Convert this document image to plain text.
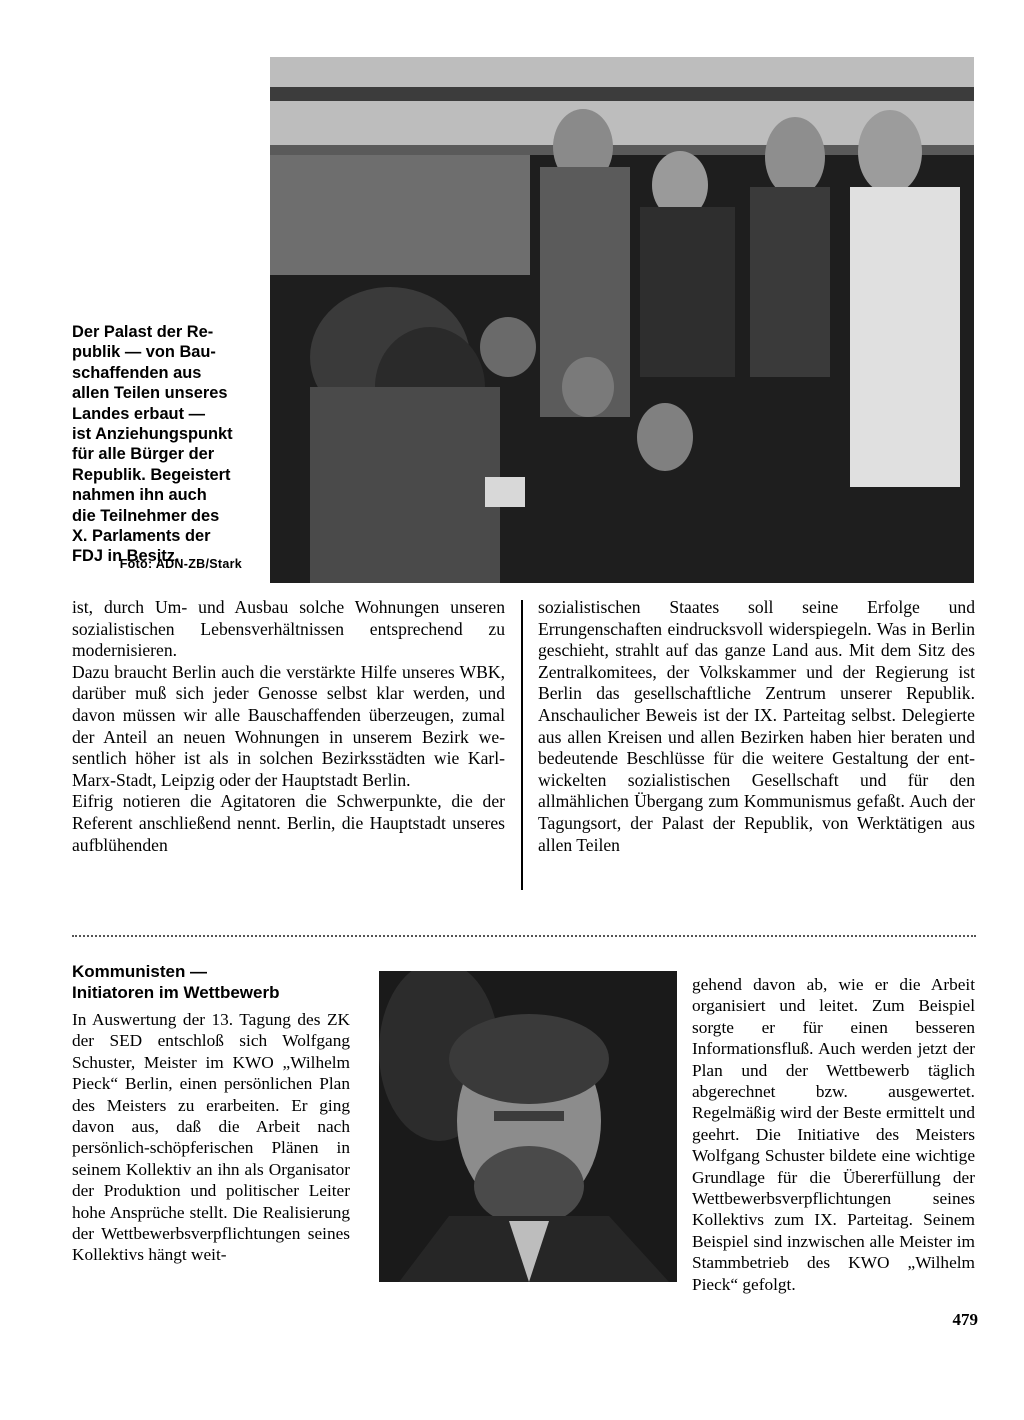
Der Palast der Re-
publik — von Bau-
schaffenden aus
allen Teilen unseres
Landes erbaut —
ist Anziehungspunkt
für alle Bürger der
Republik. Begeistert
nahmen ihn auch
die Teilnehmer des
X. Parlaments der
FDJ in Besitz.
Foto: ADN-ZB/Stark

ist, durch Um- und Ausbau solche Wohnungen unseren sozialistischen Lebensverhältnissen entsprechend zu modernisieren.

Dazu braucht Berlin auch die verstärkte Hilfe unseres WBK, darüber muß sich jeder Genosse selbst klar werden, und davon müssen wir alle Bauschaffenden überzeugen, zumal der Anteil an neuen Wohnungen in unserem Bezirk wesentlich höher ist als in solchen Bezirksstädten wie Karl-Marx-Stadt, Leipzig oder der Hauptstadt Berlin.

Eifrig notieren die Agitatoren die Schwerpunkte, die der Referent anschließend nennt. Berlin, die Hauptstadt unseres aufblühenden

sozialistischen Staates soll seine Erfolge und Errungenschaften eindrucksvoll widerspiegeln. Was in Berlin geschieht, strahlt auf das ganze Land aus. Mit dem Sitz des Zentralkomitees, der Volkskammer und der Regierung ist Berlin das gesellschaftliche Zentrum unserer Republik. Anschaulicher Beweis ist der IX. Parteitag selbst. Delegierte aus allen Kreisen und allen Bezirken haben hier beraten und bedeutende Beschlüsse für die weitere Gestaltung der entwickelten sozialistischen Gesellschaft und für den allmählichen Übergang zum Kommunismus gefaßt. Auch der Tagungsort, der Palast der Republik, von Werktätigen aus allen Teilen

Kommunisten —
Initiatoren im Wettbewerb

In Auswertung der 13. Tagung des ZK der SED entschloß sich Wolfgang Schuster, Meister im KWO „Wilhelm Pieck“ Berlin, einen persönlichen Plan des Meisters zu erarbeiten. Er ging davon aus, daß die Arbeit nach persönlich-schöpferischen Plänen in seinem Kollektiv an ihn als Organisator der Produktion und politischer Leiter hohe Ansprüche stellt. Die Realisierung der Wettbewerbsverpflichtungen seines Kollektivs hängt weit-

gehend davon ab, wie er die Arbeit organisiert und leitet. Zum Beispiel sorgte er für einen besseren Informationsfluß. Auch werden jetzt der Plan und der Wettbewerb täglich abgerechnet bzw. ausgewertet. Regelmäßig wird der Beste ermittelt und geehrt. Die Initiative des Meisters Wolfgang Schuster bildete eine wichtige Grundlage für die Übererfüllung der Wettbewerbsverpflichtungen seines Kollektivs zum IX. Parteitag. Seinem Beispiel sind inzwischen alle Meister im Stammbetrieb des KWO „Wilhelm Pieck“ gefolgt.

479
